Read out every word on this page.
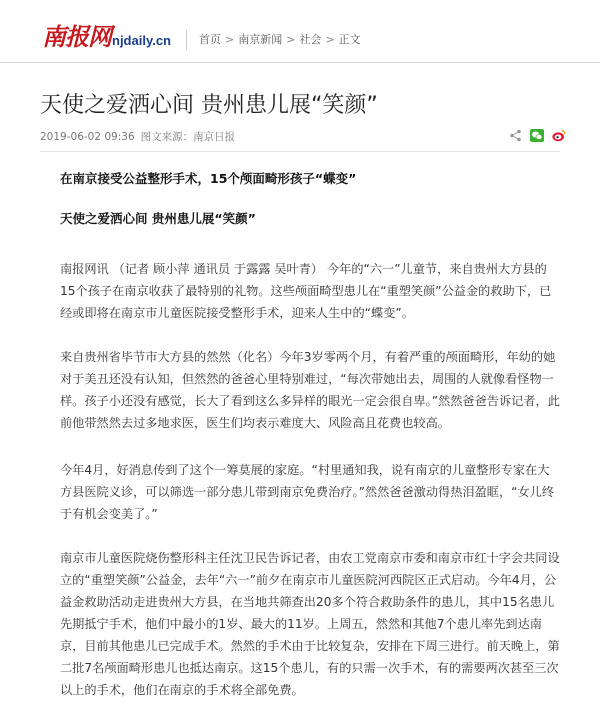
南报网 njdaily.cn	首页 > 南京新闻 > 社会 > 正文
天使之爱洒心间 贵州患儿展“笑颜”
2019-06-02 09:36 图文来源：南京日报

在南京接受公益整形手术，15个颅面畸形孩子“蝶变”

天使之爱洒心间 贵州患儿展“笑颜”

南报网讯 （记者 顾小萍 通讯员 于露露 吴叶青） 今年的“六一”儿童节，来自贵州大方县的15个孩子在南京收获了最特别的礼物。这些颅面畸型患儿在“重塑笑颜”公益金的救助下，已经或即将在南京市儿童医院接受整形手术，迎来人生中的“蝶变”。

来自贵州省毕节市大方县的然然（化名）今年3岁零两个月，有着严重的颅面畸形，年幼的她对于美丑还没有认知，但然然的爸爸心里特别难过，“每次带她出去，周围的人就像看怪物一样。孩子小还没有感觉，长大了看到这么多异样的眼光一定会很自卑。”然然爸爸告诉记者，此前他带然然去过多地求医，医生们均表示难度大、风险高且花费也较高。

今年4月，好消息传到了这个一筹莫展的家庭。“村里通知我，说有南京的儿童整形专家在大方县医院义诊，可以筛选一部分患儿带到南京免费治疗。”然然爸爸激动得热泪盈眶，“女儿终于有机会变美了。”

南京市儿童医院烧伤整形科主任沈卫民告诉记者，由农工党南京市委和南京市红十字会共同设立的“重塑笑颜”公益金，去年“六一”前夕在南京市儿童医院河西院区正式启动。今年4月，公益金救助活动走进贵州大方县，在当地共筛查出20多个符合救助条件的患儿，其中15名患儿先期抵宁手术，他们中最小的1岁、最大的11岁。上周五，然然和其他7个患儿率先到达南京，目前其他患儿已完成手术。然然的手术由于比较复杂，安排在下周三进行。前天晚上，第二批7名颅面畸形患儿也抵达南京。这15个患儿，有的只需一次手术，有的需要两次甚至三次以上的手术，他们在南京的手术将全部免费。
